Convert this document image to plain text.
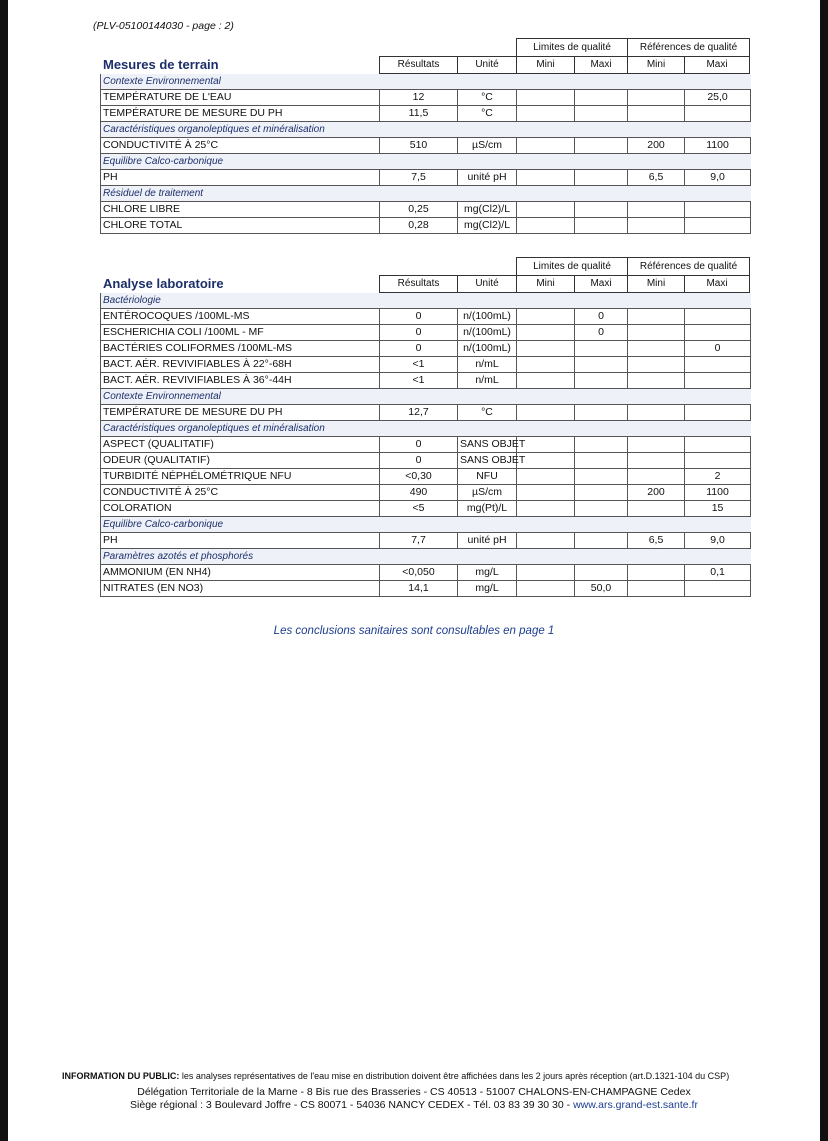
(PLV-05100144030 - page : 2)
Limites de qualité	Références de qualité
Mesures de terrain	Résultats	Unité	Mini	Maxi	Mini	Maxi
Contexte Environnemental						
TEMPÉRATURE DE L'EAU	12	°C				25,0
TEMPÉRATURE DE MESURE DU PH	11,5	°C				
Caractéristiques organoleptiques et minéralisation						
CONDUCTIVITÉ À 25°C	510	µS/cm			200	1100
Equilibre Calco-carbonique						
PH	7,5	unité pH			6,5	9,0
Résiduel de traitement						
CHLORE LIBRE	0,25	mg(Cl2)/L				
CHLORE TOTAL	0,28	mg(Cl2)/L				
Limites de qualité	Références de qualité
Analyse laboratoire	Résultats	Unité	Mini	Maxi	Mini	Maxi
Bactériologie						
ENTÉROCOQUES /100ML-MS	0	n/(100mL)		0		
ESCHERICHIA COLI /100ML - MF	0	n/(100mL)		0		
BACTÉRIES COLIFORMES /100ML-MS	0	n/(100mL)				0
BACT. AÉR. REVIVIFIABLES À 22°-68H	<1	n/mL				
BACT. AÉR. REVIVIFIABLES À 36°-44H	<1	n/mL				
Contexte Environnemental						
TEMPÉRATURE DE MESURE DU PH	12,7	°C				
Caractéristiques organoleptiques et minéralisation						
ASPECT (QUALITATIF)	0	SANS OBJET				
ODEUR (QUALITATIF)	0	SANS OBJET				
TURBIDITÉ NÉPHÉLOMÉTRIQUE NFU	<0,30	NFU				2
CONDUCTIVITÉ À 25°C	490	µS/cm			200	1100
COLORATION	<5	mg(Pt)/L				15
Equilibre Calco-carbonique						
PH	7,7	unité pH			6,5	9,0
Paramètres azotés et phosphorés						
AMMONIUM (EN NH4)	<0,050	mg/L				0,1
NITRATES (EN NO3)	14,1	mg/L		50,0		
Les conclusions sanitaires sont consultables en page 1
INFORMATION DU PUBLIC: les analyses représentatives de l'eau mise en distribution doivent être affichées dans les 2 jours après réception (art.D.1321-104 du CSP)
Délégation Territoriale de la Marne - 8 Bis rue des Brasseries - CS 40513 - 51007 CHALONS-EN-CHAMPAGNE Cedex
Siège régional : 3 Boulevard Joffre - CS 80071 - 54036 NANCY CEDEX - Tél. 03 83 39 30 30 - www.ars.grand-est.sante.fr
